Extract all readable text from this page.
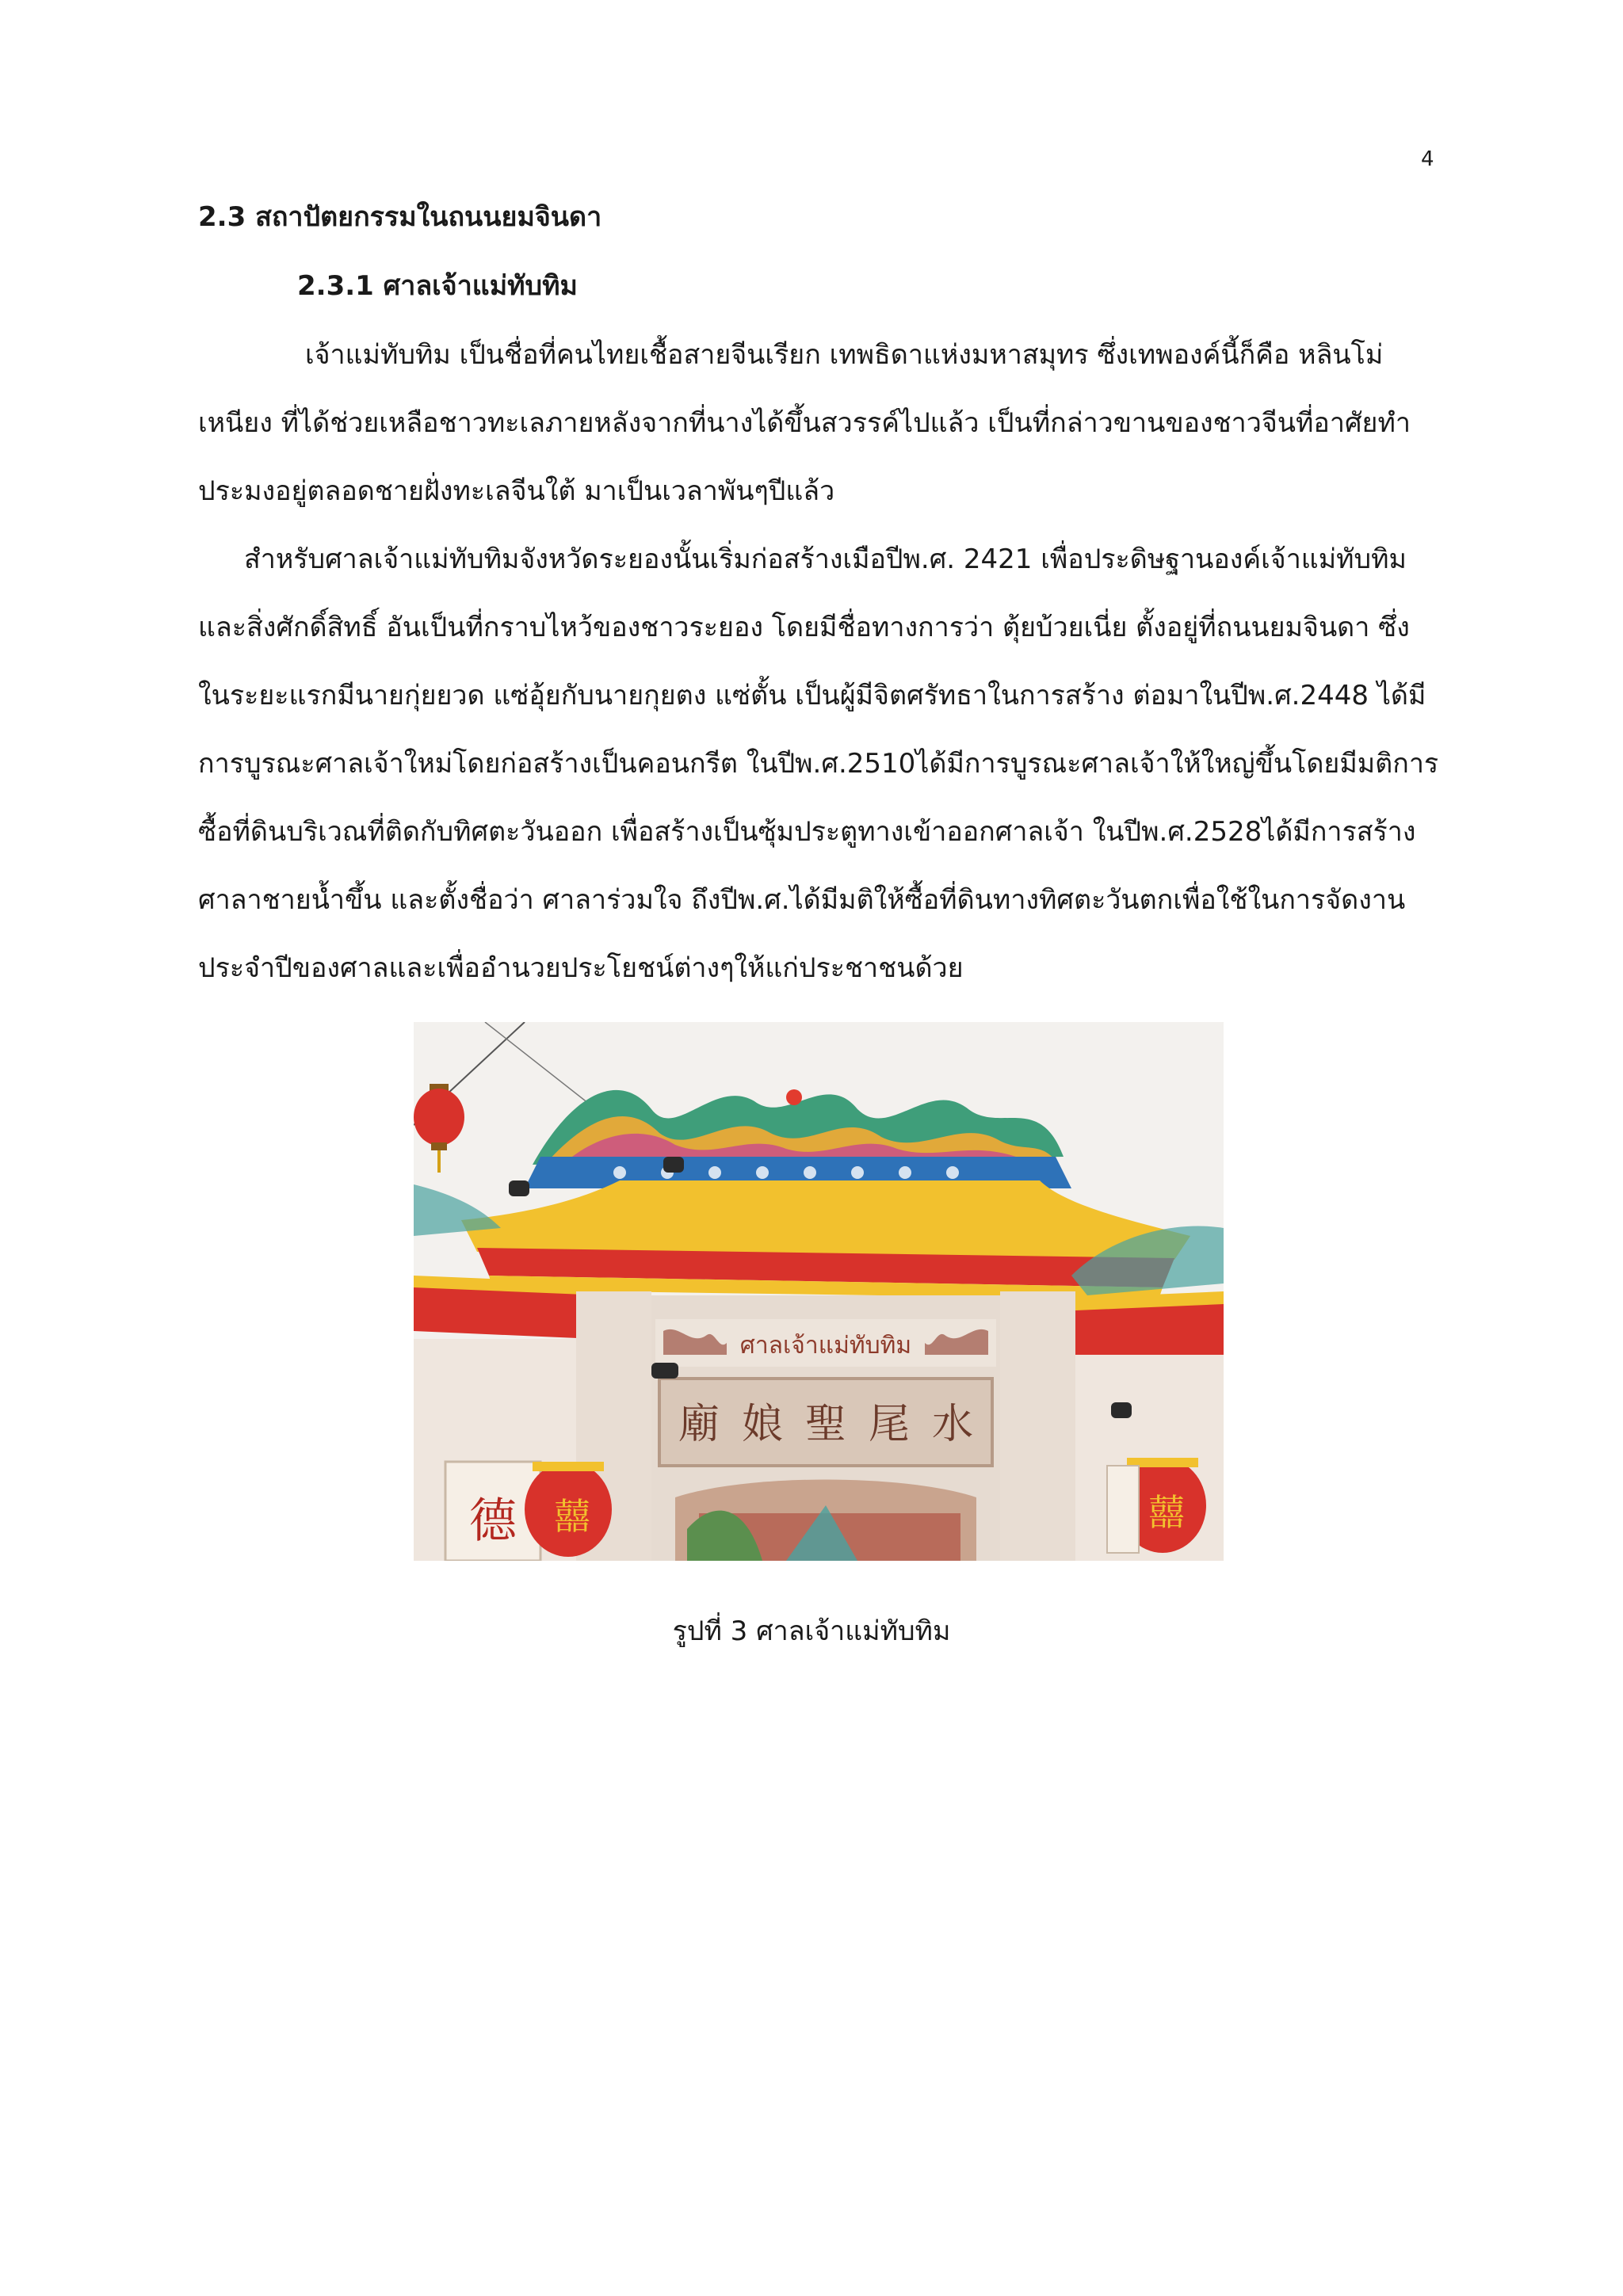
4
2.3 สถาปัตยกรรมในถนนยมจินดา
2.3.1 ศาลเจ้าแม่ทับทิม
เจ้าแม่ทับทิม เป็นชื่อที่คนไทยเชื้อสายจีนเรียก เทพธิดาแห่งมหาสมุทร ซึ่งเทพองค์นี้ก็คือ หลินโม่
เหนียง ที่ได้ช่วยเหลือชาวทะเลภายหลังจากที่นางได้ขึ้นสวรรค์ไปแล้ว เป็นที่กล่าวขานของชาวจีนที่อาศัยทำ
ประมงอยู่ตลอดชายฝั่งทะเลจีนใต้ มาเป็นเวลาพันๆปีแล้ว
สำหรับศาลเจ้าแม่ทับทิมจังหวัดระยองนั้นเริ่มก่อสร้างเมือปีพ.ศ. 2421 เพื่อประดิษฐานองค์เจ้าแม่ทับทิม
และสิ่งศักดิ์สิทธิ์ อันเป็นที่กราบไหว้ของชาวระยอง โดยมีชื่อทางการว่า ตุ้ยบ้วยเนี่ย ตั้งอยู่ที่ถนนยมจินดา ซึ่ง
ในระยะแรกมีนายกุ่ยยวด แซ่อุ้ยกับนายกุยตง แซ่ตั้น เป็นผู้มีจิตศรัทธาในการสร้าง ต่อมาในปีพ.ศ.2448 ได้มี
การบูรณะศาลเจ้าใหม่โดยก่อสร้างเป็นคอนกรีต ในปีพ.ศ.2510ได้มีการบูรณะศาลเจ้าให้ใหญ่ขึ้นโดยมีมติการ
ซื้อที่ดินบริเวณที่ติดกับทิศตะวันออก เพื่อสร้างเป็นซุ้มประตูทางเข้าออกศาลเจ้า ในปีพ.ศ.2528ได้มีการสร้าง
ศาลาชายน้ำขึ้น และตั้งชื่อว่า ศาลาร่วมใจ ถึงปีพ.ศ.ได้มีมติให้ซื้อที่ดินทางทิศตะวันตกเพื่อใช้ในการจัดงาน
ประจำปีของศาลและเพื่ออำนวยประโยชน์ต่างๆให้แก่ประชาชนด้วย
ศาลเจ้าแม่ทับทิม
廟 娘 聖 尾 水
德 囍	囍
รูปที่ 3 ศาลเจ้าแม่ทับทิม
